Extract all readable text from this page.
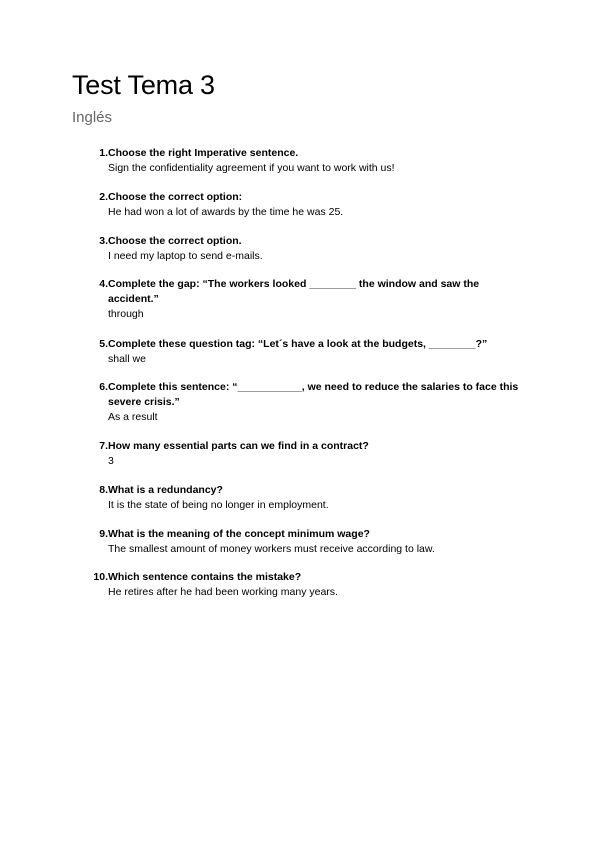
Test Tema 3
Inglés
1. Choose the right Imperative sentence.
Sign the confidentiality agreement if you want to work with us!
2. Choose the correct option:
He had won a lot of awards by the time he was 25.
3. Choose the correct option.
I need my laptop to send e-mails.
4. Complete the gap: “The workers looked ________ the window and saw the accident.”
through
5. Complete these question tag: “Let´s have a look at the budgets, ________?”
shall we
6. Complete this sentence: “___________, we need to reduce the salaries to face this severe crisis.”
As a result
7. How many essential parts can we find in a contract?
3
8. What is a redundancy?
It is the state of being no longer in employment.
9. What is the meaning of the concept minimum wage?
The smallest amount of money workers must receive according to law.
10. Which sentence contains the mistake?
He retires after he had been working many years.
